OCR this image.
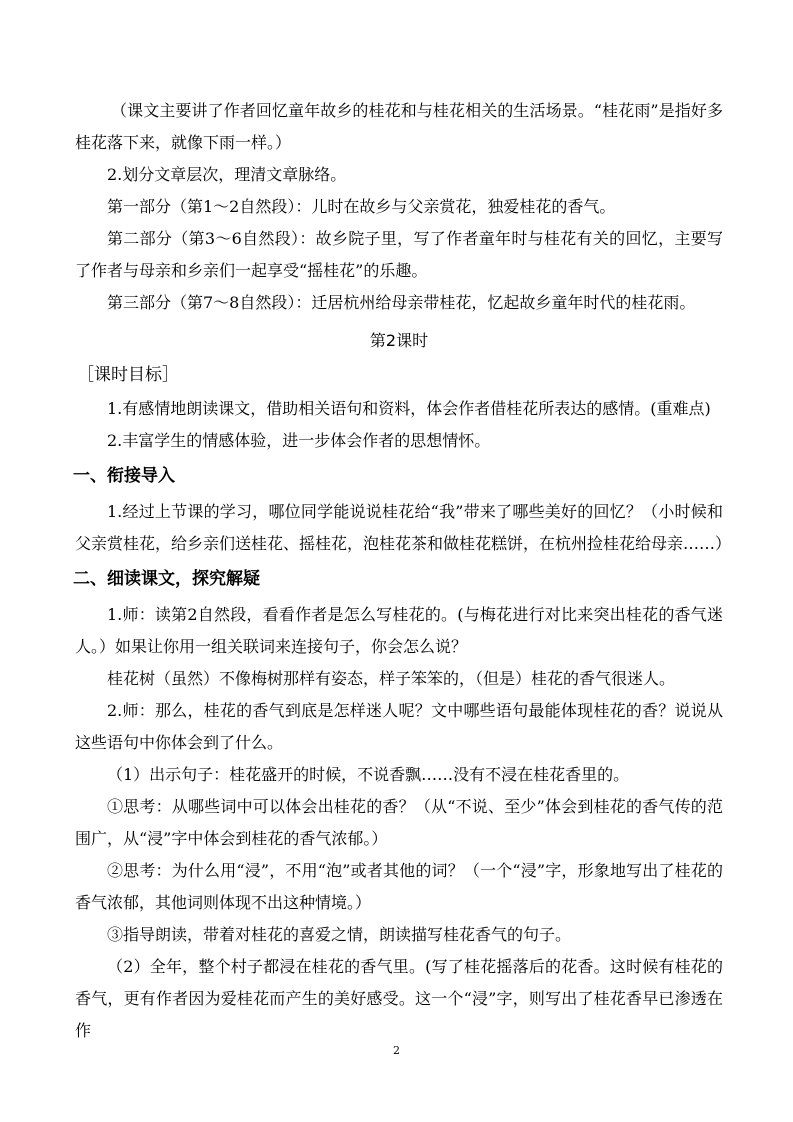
（课文主要讲了作者回忆童年故乡的桂花和与桂花相关的生活场景。“桂花雨”是指好多桂花落下来，就像下雨一样。）

2.划分文章层次，理清文章脉络。

第一部分（第1～2自然段）：儿时在故乡与父亲赏花，独爱桂花的香气。

第二部分（第3～6自然段）：故乡院子里，写了作者童年时与桂花有关的回忆，主要写了作者与母亲和乡亲们一起享受“摇桂花”的乐趣。

第三部分（第7～8自然段）：迁居杭州给母亲带桂花，忆起故乡童年时代的桂花雨。

第2课时
［课时目标］

1.有感情地朗读课文，借助相关语句和资料，体会作者借桂花所表达的感情。(重难点)

2.丰富学生的情感体验，进一步体会作者的思想情怀。

一、衔接导入

1.经过上节课的学习，哪位同学能说说桂花给“我”带来了哪些美好的回忆？（小时候和父亲赏桂花，给乡亲们送桂花、摇桂花，泡桂花茶和做桂花糕饼，在杭州捡桂花给母亲……）

二、细读课文，探究解疑

1.师：读第2自然段，看看作者是怎么写桂花的。(与梅花进行对比来突出桂花的香气迷人。）如果让你用一组关联词来连接句子，你会怎么说？

桂花树（虽然）不像梅树那样有姿态，样子笨笨的，（但是）桂花的香气很迷人。

2.师：那么，桂花的香气到底是怎样迷人呢？文中哪些语句最能体现桂花的香？说说从这些语句中你体会到了什么。

（1）出示句子：桂花盛开的时候，不说香飘……没有不浸在桂花香里的。

①思考：从哪些词中可以体会出桂花的香？（从“不说、至少”体会到桂花的香气传的范围广，从“浸”字中体会到桂花的香气浓郁。）

②思考：为什么用“浸”，不用“泡”或者其他的词？（一个“浸”字，形象地写出了桂花的香气浓郁，其他词则体现不出这种情境。）

③指导朗读，带着对桂花的喜爱之情，朗读描写桂花香气的句子。

（2）全年，整个村子都浸在桂花的香气里。(写了桂花摇落后的花香。这时候有桂花的香气，更有作者因为爱桂花而产生的美好感受。这一个“浸”字，则写出了桂花香早已渗透在作

2
